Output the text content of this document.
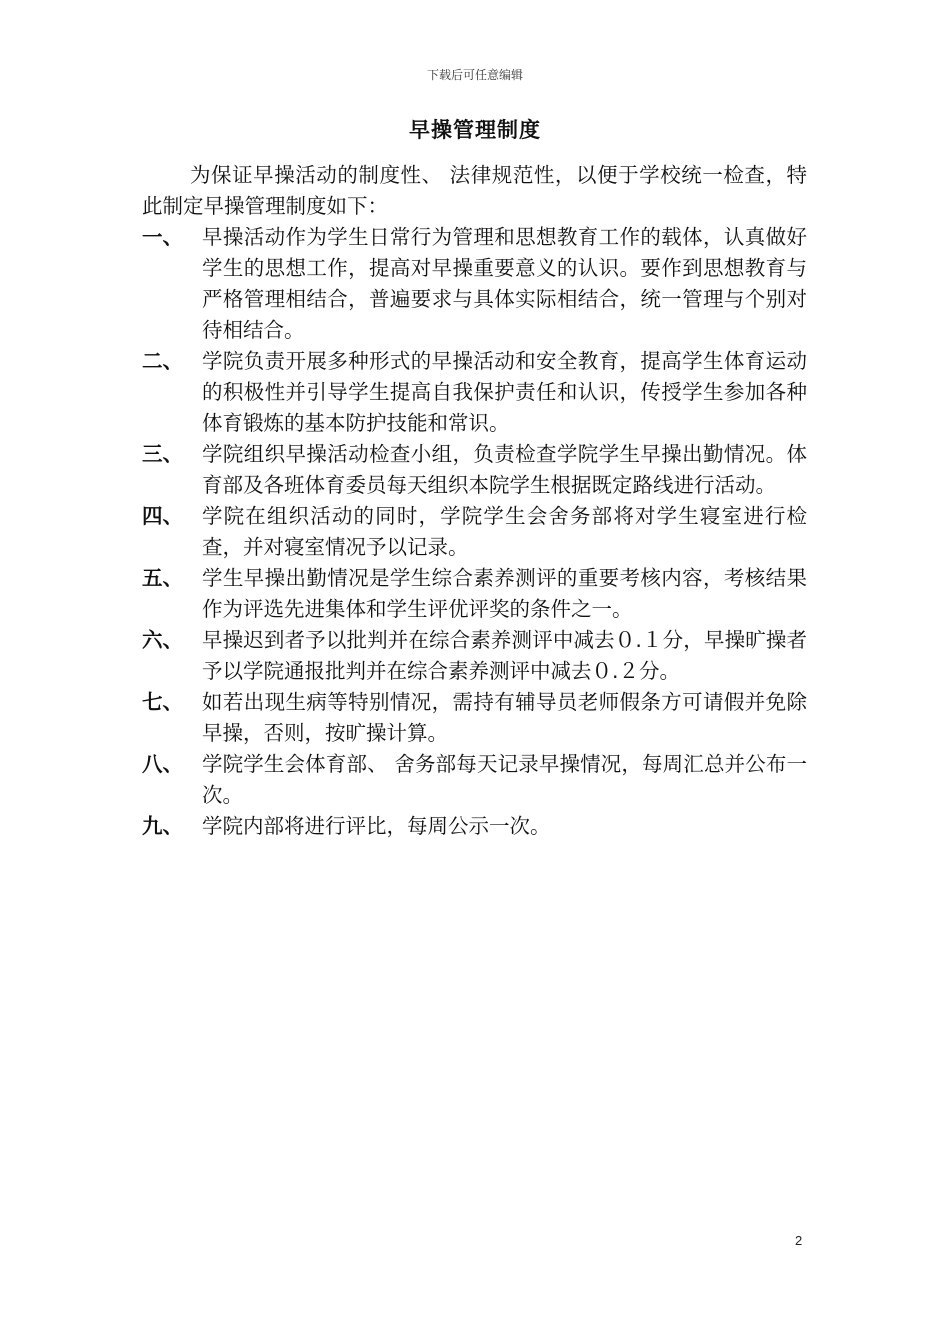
下载后可任意编辑
早操管理制度

为保证早操活动的制度性、 法律规范性，以便于学校统一检查，特此制定早操管理制度如下：

一、 早操活动作为学生日常行为管理和思想教育工作的载体，认真做好学生的思想工作，提高对早操重要意义的认识。要作到思想教育与严格管理相结合，普遍要求与具体实际相结合，统一管理与个别对待相结合。
二、 学院负责开展多种形式的早操活动和安全教育，提高学生体育运动的积极性并引导学生提高自我保护责任和认识，传授学生参加各种体育锻炼的基本防护技能和常识。
三、 学院组织早操活动检查小组，负责检查学院学生早操出勤情况。体育部及各班体育委员每天组织本院学生根据既定路线进行活动。
四、 学院在组织活动的同时，学院学生会舍务部将对学生寝室进行检查，并对寝室情况予以记录。
五、 学生早操出勤情况是学生综合素养测评的重要考核内容，考核结果作为评选先进集体和学生评优评奖的条件之一。
六、 早操迟到者予以批判并在综合素养测评中减去０.１分，早操旷操者予以学院通报批判并在综合素养测评中减去０.２分。
七、 如若出现生病等特别情况，需持有辅导员老师假条方可请假并免除早操，否则，按旷操计算。
八、 学院学生会体育部、 舍务部每天记录早操情况，每周汇总并公布一次。
九、 学院内部将进行评比，每周公示一次。
2
